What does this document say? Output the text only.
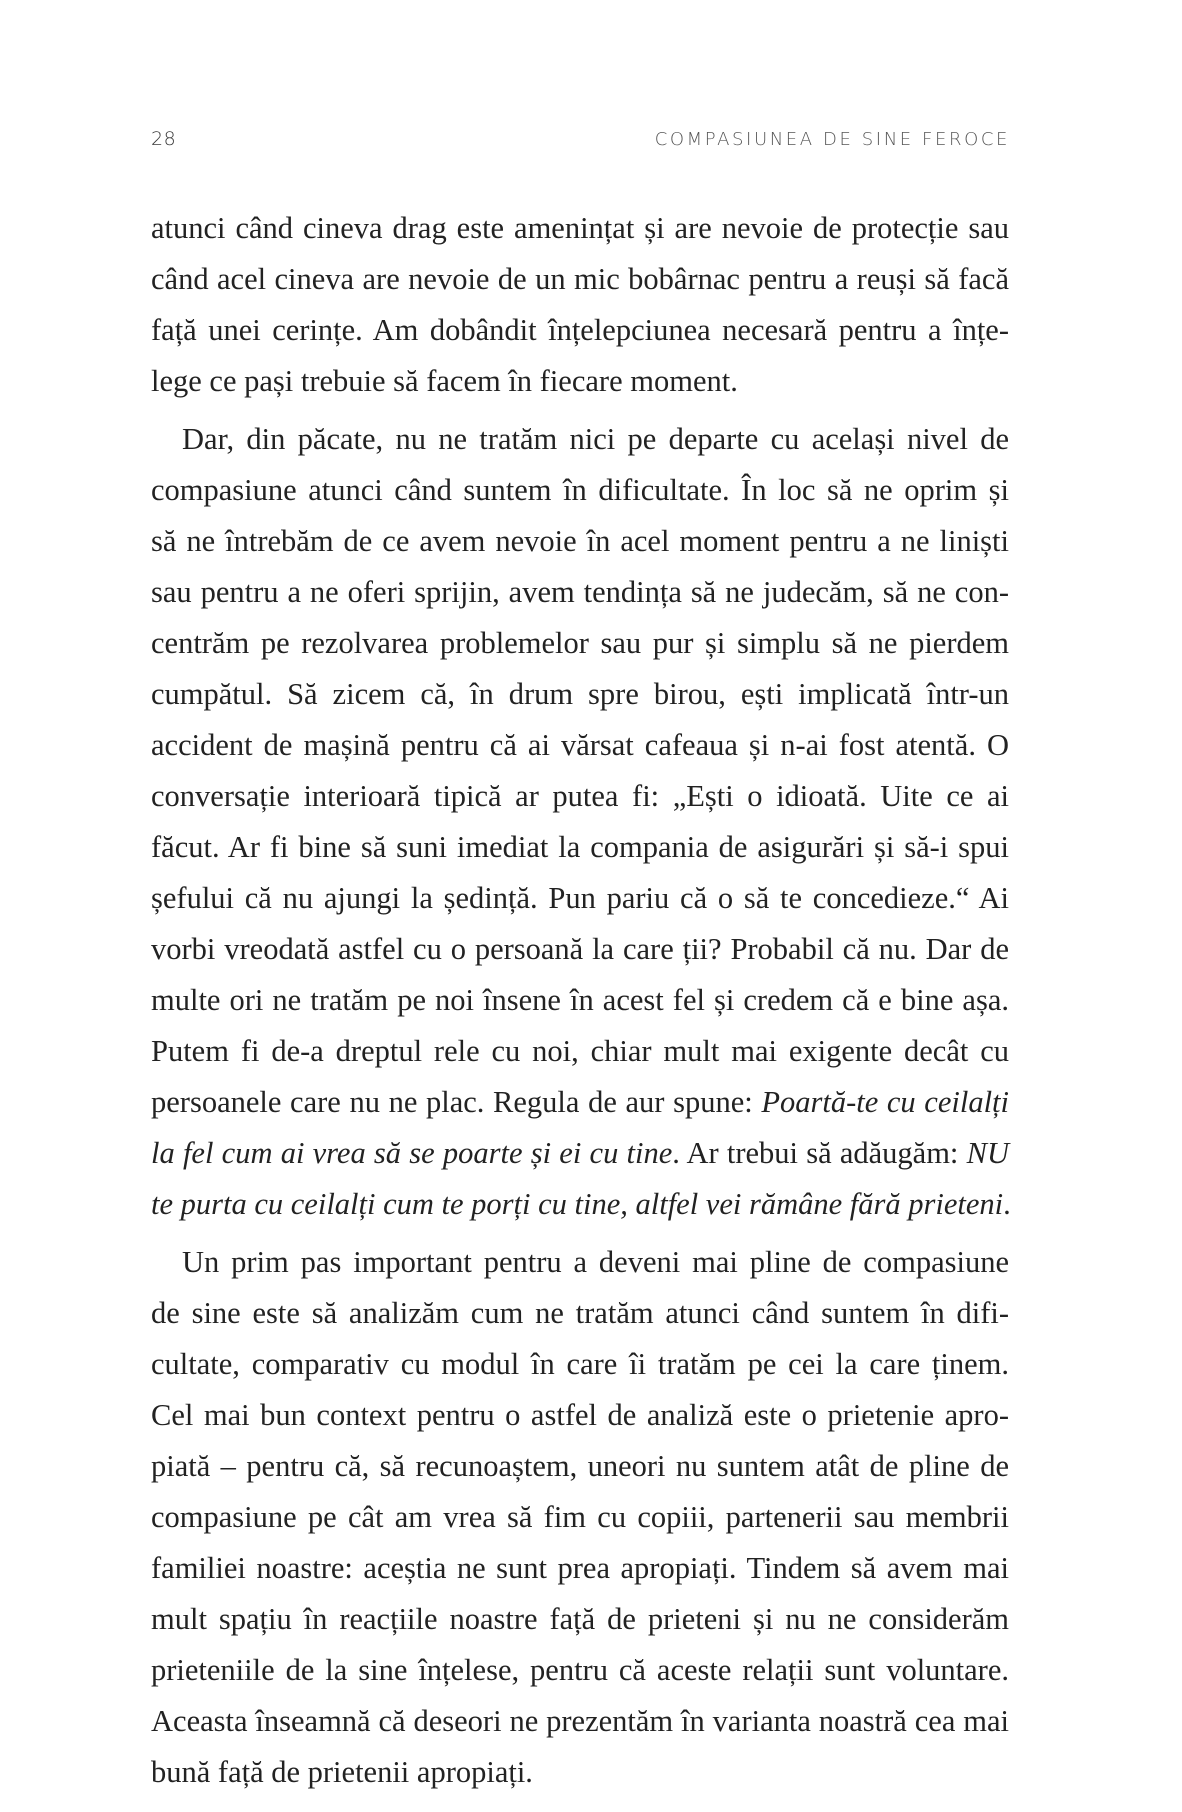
28	COMPASIUNEA DE SINE FEROCE
atunci când cineva drag este amenințat și are nevoie de protecție sau
când acel cineva are nevoie de un mic bobârnac pentru a reuși să facă
față unei cerințe. Am dobândit înțelepciunea necesară pentru a înțe-
lege ce pași trebuie să facem în fiecare moment.
Dar, din păcate, nu ne tratăm nici pe departe cu același nivel de
compasiune atunci când suntem în dificultate. În loc să ne oprim și
să ne întrebăm de ce avem nevoie în acel moment pentru a ne liniști
sau pentru a ne oferi sprijin, avem tendința să ne judecăm, să ne con-
centrăm pe rezolvarea problemelor sau pur și simplu să ne pierdem
cumpătul. Să zicem că, în drum spre birou, ești implicată într-un
accident de mașină pentru că ai vărsat cafeaua și n-ai fost atentă. O
conversație interioară tipică ar putea fi: „Ești o idioată. Uite ce ai
făcut. Ar fi bine să suni imediat la compania de asigurări și să-i spui
șefului că nu ajungi la ședință. Pun pariu că o să te concedieze.“ Ai
vorbi vreodată astfel cu o persoană la care ții? Probabil că nu. Dar de
multe ori ne tratăm pe noi însene în acest fel și credem că e bine așa.
Putem fi de-a dreptul rele cu noi, chiar mult mai exigente decât cu
persoanele care nu ne plac. Regula de aur spune: Poartă-te cu ceilalți
la fel cum ai vrea să se poarte și ei cu tine. Ar trebui să adăugăm: NU
te purta cu ceilalți cum te porți cu tine, altfel vei rămâne fără prieteni.
Un prim pas important pentru a deveni mai pline de compasiune
de sine este să analizăm cum ne tratăm atunci când suntem în difi-
cultate, comparativ cu modul în care îi tratăm pe cei la care ținem.
Cel mai bun context pentru o astfel de analiză este o prietenie apro-
piată – pentru că, să recunoaștem, uneori nu suntem atât de pline de
compasiune pe cât am vrea să fim cu copiii, partenerii sau membrii
familiei noastre: aceștia ne sunt prea apropiați. Tindem să avem mai
mult spațiu în reacțiile noastre față de prieteni și nu ne considerăm
prieteniile de la sine înțelese, pentru că aceste relații sunt voluntare.
Aceasta înseamnă că deseori ne prezentăm în varianta noastră cea mai
bună față de prietenii apropiați.
